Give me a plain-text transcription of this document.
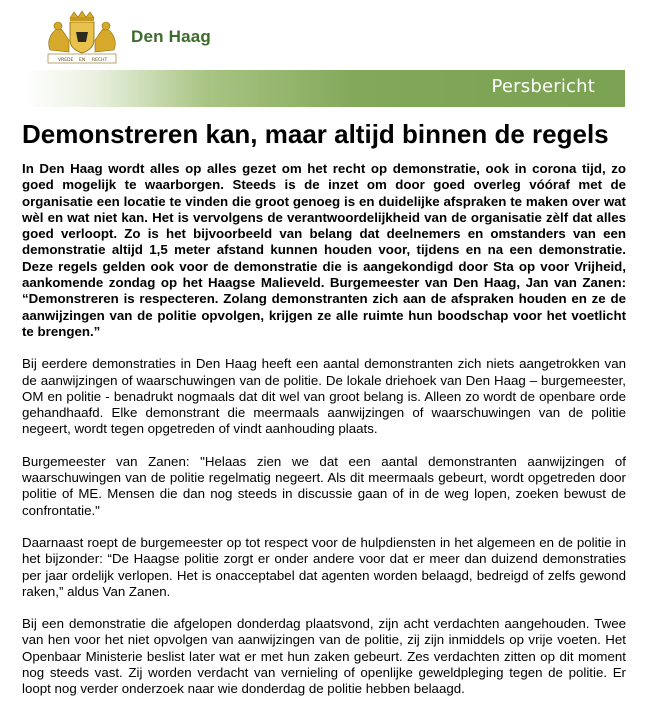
VREDE EN RECHT
Den Haag
Persbericht
Demonstreren kan, maar altijd binnen de regels

In Den Haag wordt alles op alles gezet om het recht op demonstratie, ook in corona tijd, zo goed mogelijk te waarborgen. Steeds is de inzet om door goed overleg vóóraf met de organisatie een locatie te vinden die groot genoeg is en duidelijke afspraken te maken over wat wèl en wat niet kan. Het is vervolgens de verantwoordelijkheid van de organisatie zèlf dat alles goed verloopt. Zo is het bijvoorbeeld van belang dat deelnemers en omstanders van een demonstratie altijd 1,5 meter afstand kunnen houden voor, tijdens en na een demonstratie. Deze regels gelden ook voor de demonstratie die is aangekondigd door Sta op voor Vrijheid, aankomende zondag op het Haagse Malieveld. Burgemeester van Den Haag, Jan van Zanen: “Demonstreren is respecteren. Zolang demonstranten zich aan de afspraken houden en ze de aanwijzingen van de politie opvolgen, krijgen ze alle ruimte hun boodschap voor het voetlicht te brengen.”

Bij eerdere demonstraties in Den Haag heeft een aantal demonstranten zich niets aangetrokken van de aanwijzingen of waarschuwingen van de politie. De lokale driehoek van Den Haag – burgemeester, OM en politie - benadrukt nogmaals dat dit wel van groot belang is. Alleen zo wordt de openbare orde gehandhaafd. Elke demonstrant die meermaals aanwijzingen of waarschuwingen van de politie negeert, wordt tegen opgetreden of vindt aanhouding plaats.

Burgemeester van Zanen: "Helaas zien we dat een aantal demonstranten aanwijzingen of waarschuwingen van de politie regelmatig negeert. Als dit meermaals gebeurt, wordt opgetreden door politie of ME. Mensen die dan nog steeds in discussie gaan of in de weg lopen, zoeken bewust de confrontatie."

Daarnaast roept de burgemeester op tot respect voor de hulpdiensten in het algemeen en de politie in het bijzonder: “De Haagse politie zorgt er onder andere voor dat er meer dan duizend demonstraties per jaar ordelijk verlopen. Het is onacceptabel dat agenten worden belaagd, bedreigd of zelfs gewond raken,” aldus Van Zanen.

Bij een demonstratie die afgelopen donderdag plaatsvond, zijn acht verdachten aangehouden. Twee van hen voor het niet opvolgen van aanwijzingen van de politie, zij zijn inmiddels op vrije voeten. Het Openbaar Ministerie beslist later wat er met hun zaken gebeurt. Zes verdachten zitten op dit moment nog steeds vast. Zij worden verdacht van vernieling of openlijke geweldpleging tegen de politie. Er loopt nog verder onderzoek naar wie donderdag de politie hebben belaagd.
